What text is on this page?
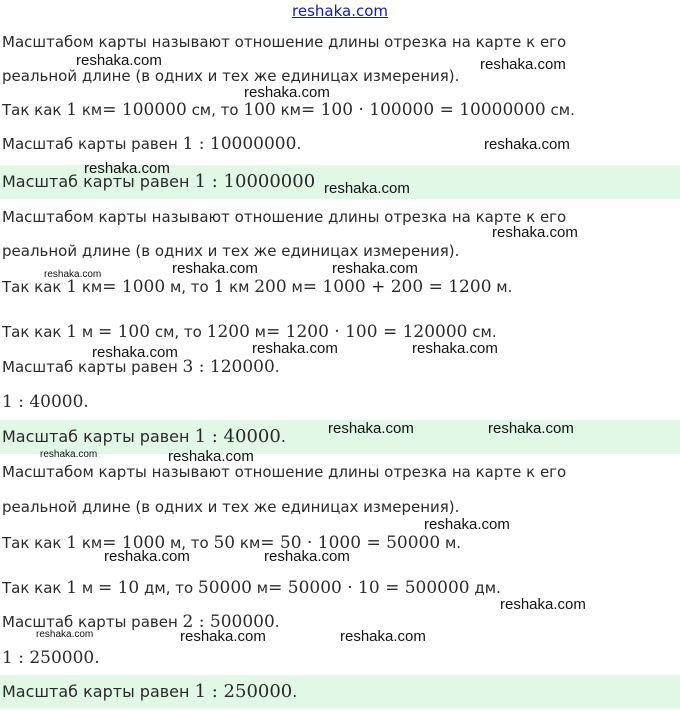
reshaka.com
Масштабом карты называют отношение длины отрезка на карте к его
реальной длине (в одних и тех же единицах измерения).
Так как 1 км= 100000 см, то 100 км= 100 · 100000 = 10000000 см.
Масштаб карты равен 1 : 10000000.
Масштаб карты равен 1 : 10000000
Масштабом карты называют отношение длины отрезка на карте к его
реальной длине (в одних и тех же единицах измерения).
Так как 1 км= 1000 м, то 1 км 200 м= 1000 + 200 = 1200 м.
Так как 1 м = 100 см, то 1200 м= 1200 · 100 = 120000 см.
Масштаб карты равен 3 : 120000.
1 : 40000.
Масштаб карты равен 1 : 40000.
Масштабом карты называют отношение длины отрезка на карте к его
реальной длине (в одних и тех же единицах измерения).
Так как 1 км= 1000 м, то 50 км= 50 · 1000 = 50000 м.
Так как 1 м = 10 дм, то 50000 м= 50000 · 10 = 500000 дм.
Масштаб карты равен 2 : 500000.
1 : 250000.
Масштаб карты равен 1 : 250000.
reshaka.com	reshaka.com
reshaka.com
reshaka.com
reshaka.com
reshaka.com
reshaka.com
reshaka.com	reshaka.com
reshaka.com
reshaka.com	reshaka.com	reshaka.com
reshaka.com	reshaka.com
reshaka.com	reshaka.com
reshaka.com
reshaka.com	reshaka.com
reshaka.com
reshaka.com	reshaka.com	reshaka.com
